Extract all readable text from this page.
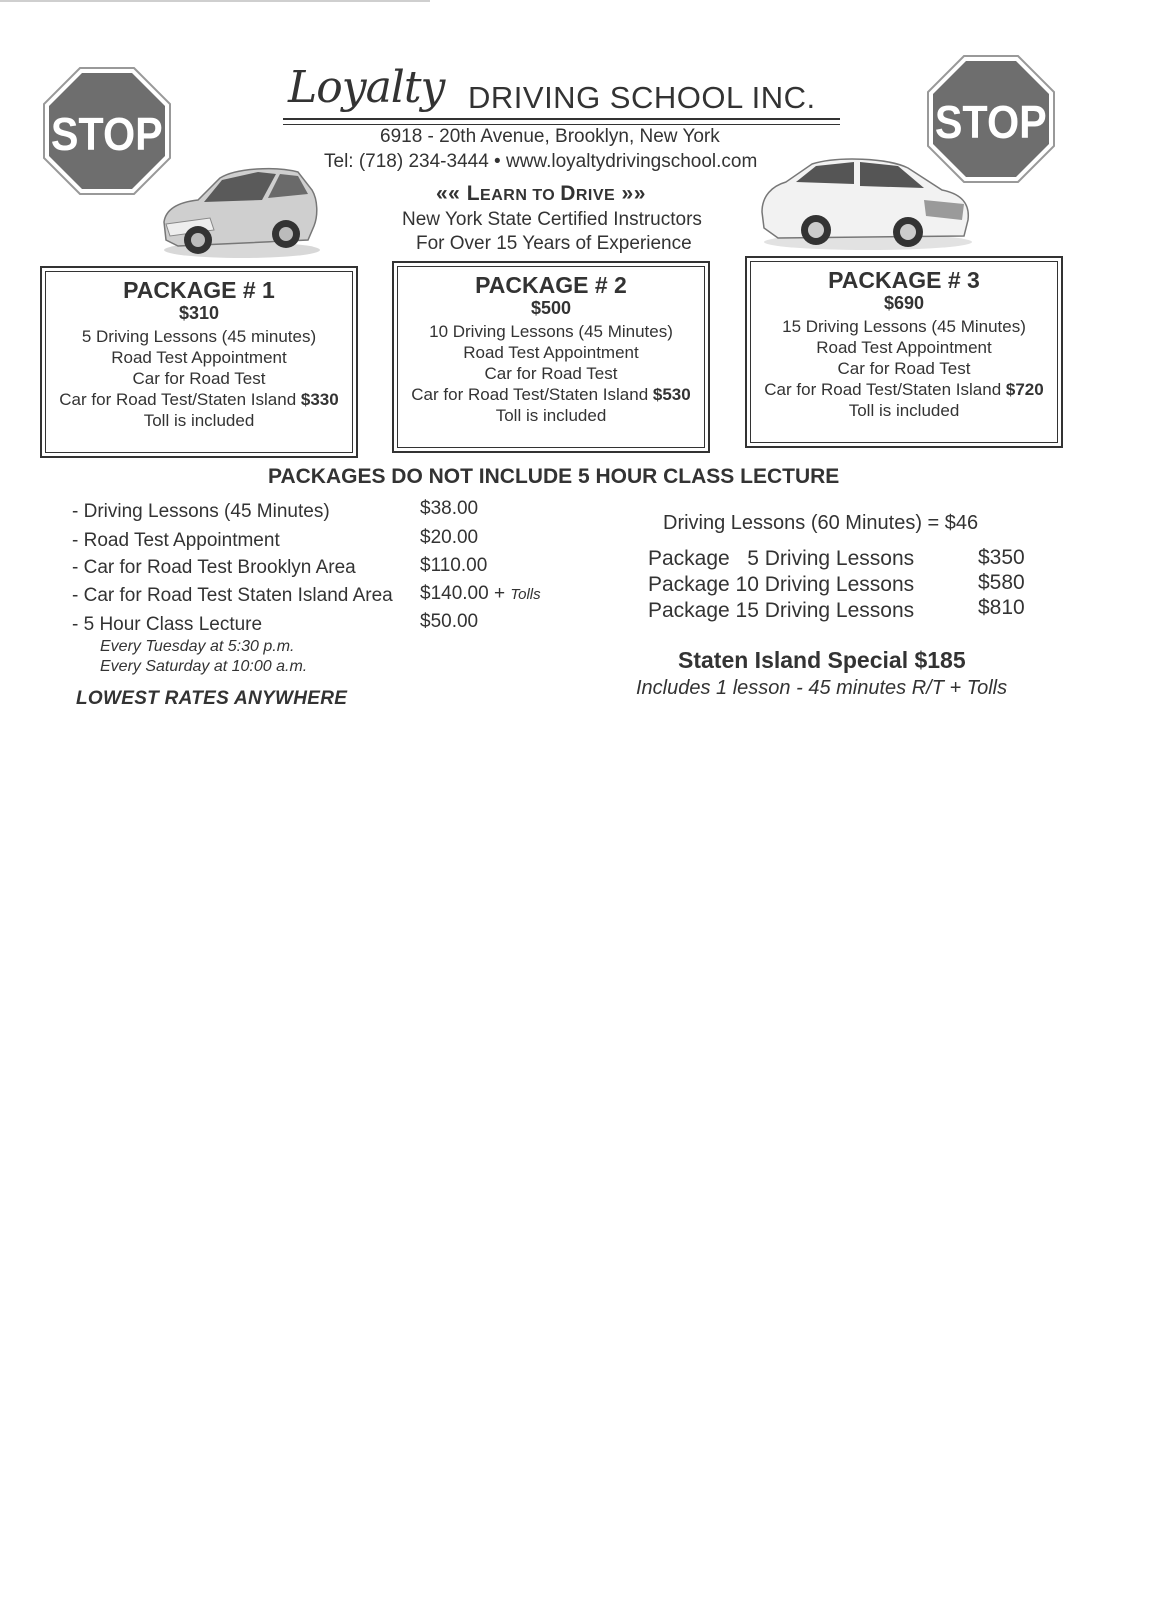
STOP	STOP
Loyalty DRIVING SCHOOL INC.
6918 - 20th Avenue, Brooklyn, New York
Tel: (718) 234-3444 • www.loyaltydrivingschool.com
«« LEARN TO DRIVE »»
New York State Certified Instructors
For Over 15 Years of Experience
PACKAGE # 1
$310
5 Driving Lessons (45 minutes)
Road Test Appointment
Car for Road Test
Car for Road Test/Staten Island $330
Toll is included
PACKAGE # 2
$500
10 Driving Lessons (45 Minutes)
Road Test Appointment
Car for Road Test
Car for Road Test/Staten Island $530
Toll is included
PACKAGE # 3
$690
15 Driving Lessons (45 Minutes)
Road Test Appointment
Car for Road Test
Car for Road Test/Staten Island $720
Toll is included
PACKAGES DO NOT INCLUDE 5 HOUR CLASS LECTURE
- Driving Lessons (45 Minutes)	$38.00
- Road Test Appointment	$20.00
- Car for Road Test Brooklyn Area	$110.00
- Car for Road Test Staten Island Area $140.00 + Tolls
- 5 Hour Class Lecture	$50.00
Every Tuesday at 5:30 p.m.
Every Saturday at 10:00 a.m.
LOWEST RATES ANYWHERE
Driving Lessons (60 Minutes) = $46
Package   5 Driving Lessons	$350
Package 10 Driving Lessons	$580
Package 15 Driving Lessons	$810
Staten Island Special $185
Includes 1 lesson - 45 minutes R/T + Tolls
